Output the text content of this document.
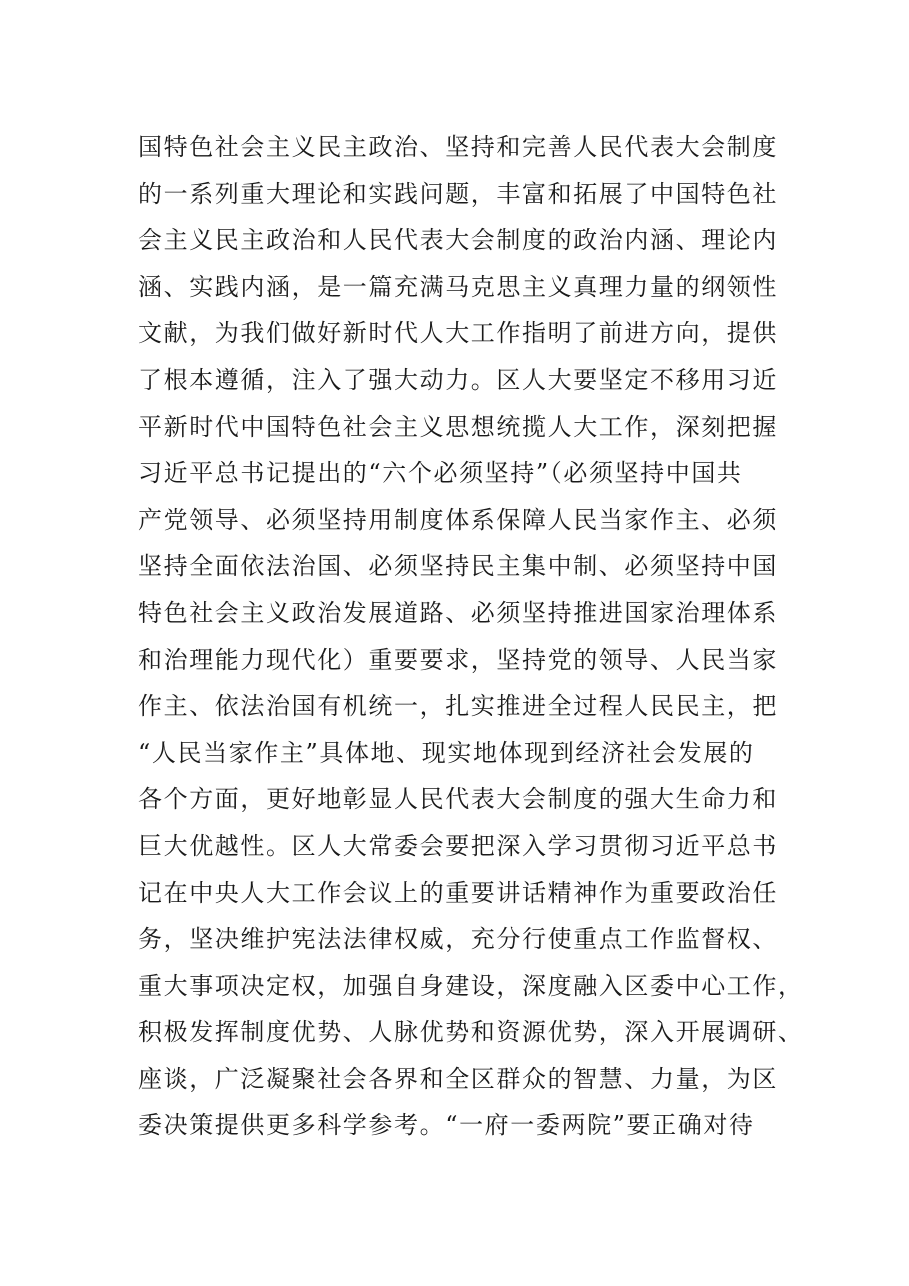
国特色社会主义民主政治、坚持和完善人民代表大会制度
的一系列重大理论和实践问题，丰富和拓展了中国特色社
会主义民主政治和人民代表大会制度的政治内涵、理论内
涵、实践内涵，是一篇充满马克思主义真理力量的纲领性
文献，为我们做好新时代人大工作指明了前进方向，提供
了根本遵循，注入了强大动力。区人大要坚定不移用习近
平新时代中国特色社会主义思想统揽人大工作，深刻把握
习近平总书记提出的“六个必须坚持”（必须坚持中国共
产党领导、必须坚持用制度体系保障人民当家作主、必须
坚持全面依法治国、必须坚持民主集中制、必须坚持中国
特色社会主义政治发展道路、必须坚持推进国家治理体系
和治理能力现代化）重要要求，坚持党的领导、人民当家
作主、依法治国有机统一，扎实推进全过程人民民主，把
“人民当家作主”具体地、现实地体现到经济社会发展的
各个方面，更好地彰显人民代表大会制度的强大生命力和
巨大优越性。区人大常委会要把深入学习贯彻习近平总书
记在中央人大工作会议上的重要讲话精神作为重要政治任
务，坚决维护宪法法律权威，充分行使重点工作监督权、
重大事项决定权，加强自身建设，深度融入区委中心工作，
积极发挥制度优势、人脉优势和资源优势，深入开展调研、
座谈，广泛凝聚社会各界和全区群众的智慧、力量，为区
委决策提供更多科学参考。“一府一委两院”要正确对待
